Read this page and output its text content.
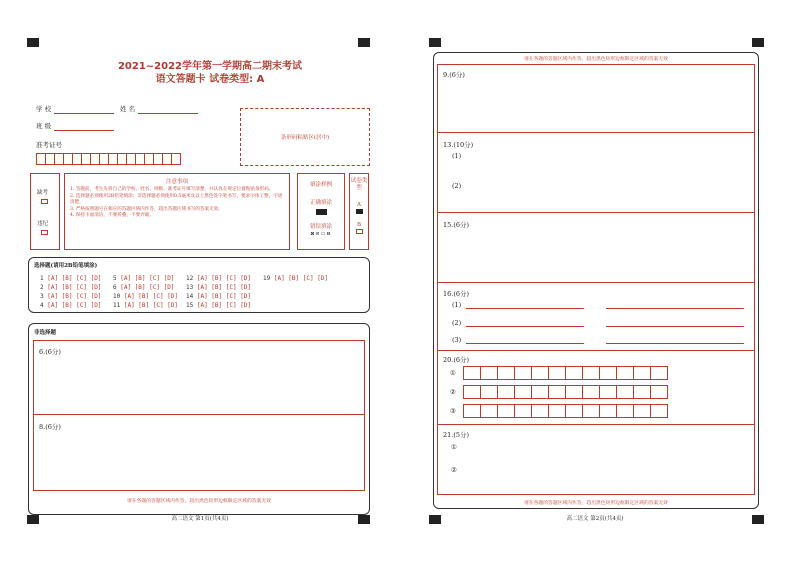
2021~2022学年第一学期高二期末考试
语文答题卡 试卷类型: A
学 校	姓 名
班 级
准考证号
条形码粘贴区(居中)
缺考
违纪
注意事项
1. 答题前，考生先将自己的学校、姓名、班级、准考证号填写清楚，并认真在规定位置粘贴条形码。
2. 选择题必须使用2B铅笔填涂；非选择题必须使用0.5毫米及以上黑色签字笔书写，要求字体工整，字迹清楚。
3. 严格按照题号在相应的答题区域内作答，超出答题区域书写的答案无效。
4. 保持卡面清洁，不要折叠、不要弄破。
填涂样例
正确填涂
错误填涂
⊠⊘▭⊟
试卷类型
A
B
选择题(请用2B铅笔填涂)
1 [A] [B] [C] [D]
2 [A] [B] [C] [D]
3 [A] [B] [C] [D]
4 [A] [B] [C] [D]
5 [A] [B] [C] [D]
6 [A] [B] [C] [D]
10 [A] [B] [C] [D]
11 [A] [B] [C] [D]
12 [A] [B] [C] [D]
13 [A] [B] [C] [D]
14 [A] [B] [C] [D]
15 [A] [B] [C] [D]
19 [A] [B] [C] [D]
非选择题
6.(6分)
8.(6分)
请在各题的答题区域内作答，超出黑色矩形边框限定区域的答案无效
高二语文 第1页(共4页)
请在各题的答题区域内作答，超出黑色矩形边框限定区域的答案无效
9.(6分)
13.(10分)
(1)
(2)
15.(6分)
16.(6分)
(1)
(2)
(3)
20.(6分)
①
②
③
21.(5分)
①
②
请在各题的答题区域内作答，超出黑色矩形边框限定区域的答案无效
高二语文 第2页(共4页)
